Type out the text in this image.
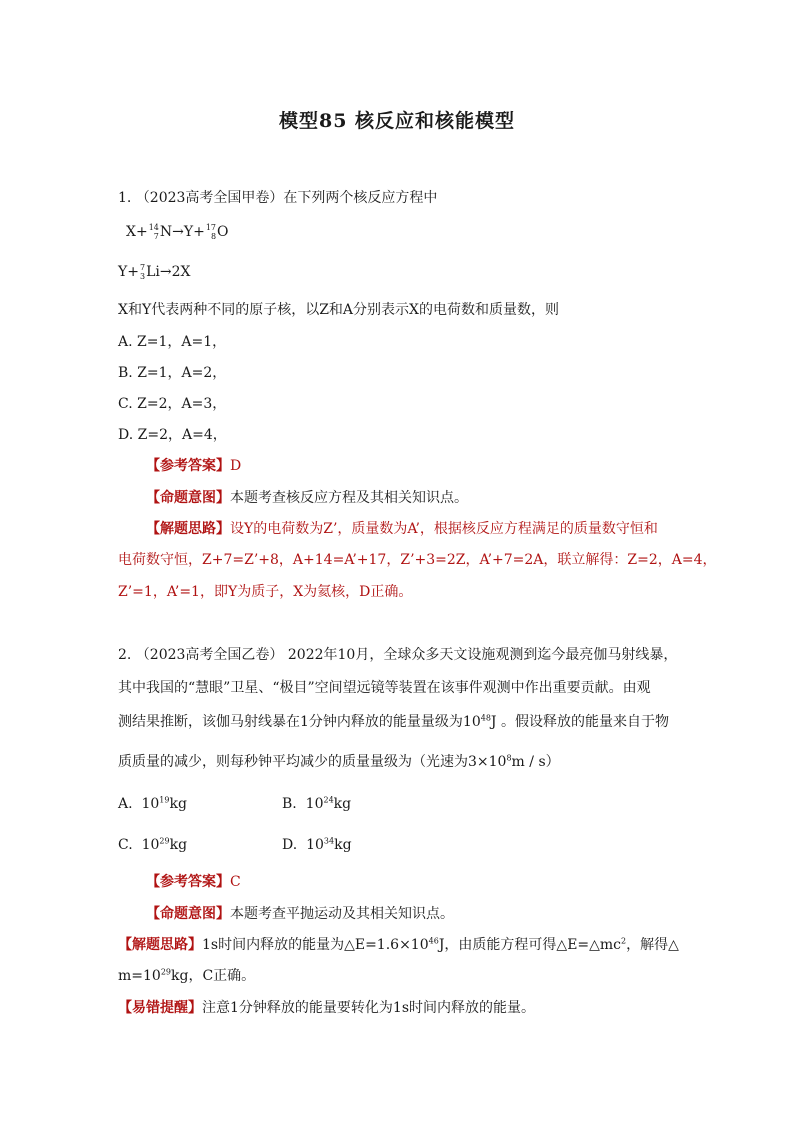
模型85 核反应和核能模型
1. （2023高考全国甲卷）在下列两个核反应方程中
X+ 14
7 N→Y+ 17
8 O
Y+ 7
3 Li→2X
X和Y代表两种不同的原子核，以Z和A分别表示X的电荷数和质量数，则
A. Z=1，A=1，
B. Z=1，A=2，
C. Z=2，A=3，
D. Z=2，A=4，
【参考答案】D
【命题意图】本题考查核反应方程及其相关知识点。
【解题思路】设Y的电荷数为Z’，质量数为A’，根据核反应方程满足的质量数守恒和
电荷数守恒，Z+7=Z’+8，A+14=A’+17，Z’+3=2Z，A’+7=2A，联立解得：Z=2，A=4，
Z’=1，A’=1，即Y为质子，X为氦核，D正确。
2. （2023高考全国乙卷） 2022年10月，全球众多天文设施观测到迄今最亮伽马射线暴，
其中我国的“慧眼”卫星、“极目”空间望远镜等装置在该事件观测中作出重要贡献。由观
测结果推断，该伽马射线暴在1分钟内释放的能量量级为$10^{48}J$ 。假设释放的能量来自于物
质质量的减少，则每秒钟平均减少的质量量级为（光速为$3\times 10^8m / s$）
A. $10^{19}kg$	B. $10^{24}kg$
C. $10^{29}kg$	D. $10^{34}kg$
【参考答案】C
【命题意图】本题考查平抛运动及其相关知识点。
【解题思路】1s时间内释放的能量为$\triangle E=1.6\times 10^{46}J$，由质能方程可得$\triangle E=\triangle mc^2$，解得△
$m=10^{29}kg$，C正确。
【易错提醒】注意1分钟释放的能量要转化为1s时间内释放的能量。
